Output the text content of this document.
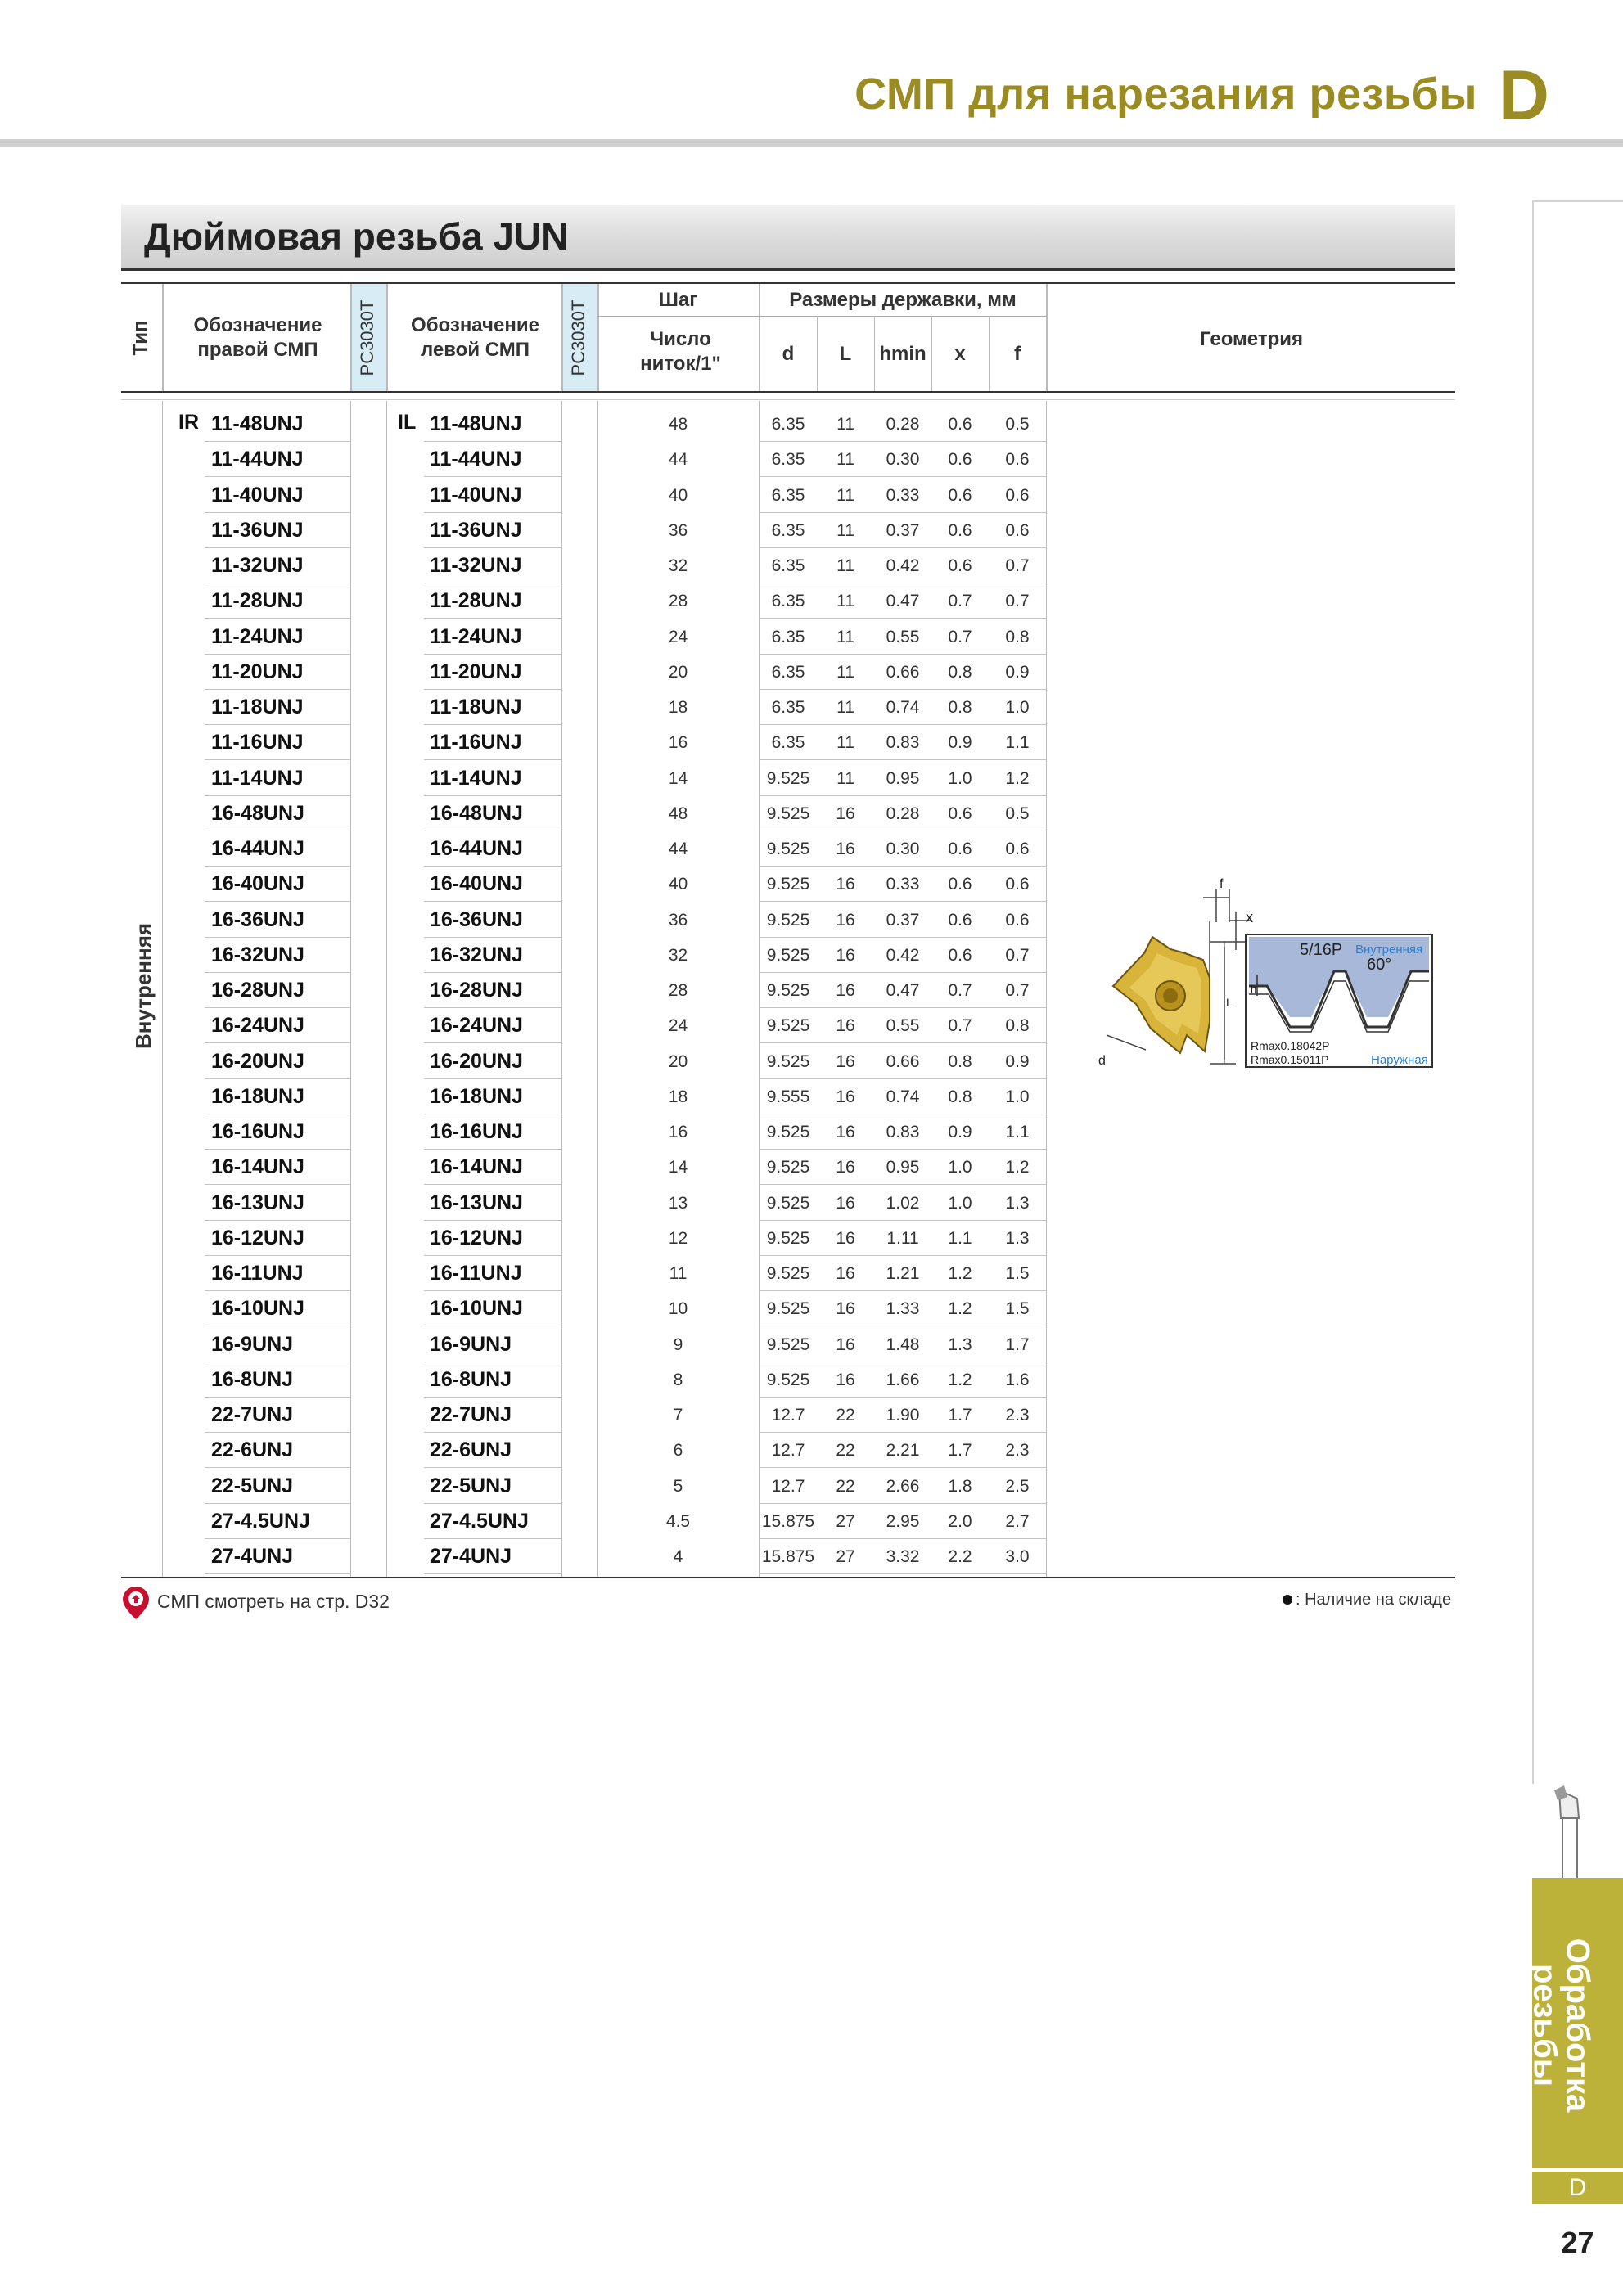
СМП для нарезания резьбы D
Дюймовая резьба JUN
Тип	Обозначение правой СМП	PC3030T	Обозначение левой СМП	PC3030T
Шаг
Число ниток/1"
Размеры державки, мм
d	L	hmin	x	f
Геометрия
Внутренняя
IR	IL
11-48UNJ	11-48UNJ	48	6.35	11	0.28	0.6	0.5
11-44UNJ	11-44UNJ	44	6.35	11	0.30	0.6	0.6
11-40UNJ	11-40UNJ	40	6.35	11	0.33	0.6	0.6
11-36UNJ	11-36UNJ	36	6.35	11	0.37	0.6	0.6
11-32UNJ	11-32UNJ	32	6.35	11	0.42	0.6	0.7
11-28UNJ	11-28UNJ	28	6.35	11	0.47	0.7	0.7
11-24UNJ	11-24UNJ	24	6.35	11	0.55	0.7	0.8
11-20UNJ	11-20UNJ	20	6.35	11	0.66	0.8	0.9
11-18UNJ	11-18UNJ	18	6.35	11	0.74	0.8	1.0
11-16UNJ	11-16UNJ	16	6.35	11	0.83	0.9	1.1
11-14UNJ	11-14UNJ	14	9.525	11	0.95	1.0	1.2
16-48UNJ	16-48UNJ	48	9.525	16	0.28	0.6	0.5
16-44UNJ	16-44UNJ	44	9.525	16	0.30	0.6	0.6
16-40UNJ	16-40UNJ	40	9.525	16	0.33	0.6	0.6
16-36UNJ	16-36UNJ	36	9.525	16	0.37	0.6	0.6
16-32UNJ	16-32UNJ	32	9.525	16	0.42	0.6	0.7
16-28UNJ	16-28UNJ	28	9.525	16	0.47	0.7	0.7
16-24UNJ	16-24UNJ	24	9.525	16	0.55	0.7	0.8
16-20UNJ	16-20UNJ	20	9.525	16	0.66	0.8	0.9
16-18UNJ	16-18UNJ	18	9.555	16	0.74	0.8	1.0
16-16UNJ	16-16UNJ	16	9.525	16	0.83	0.9	1.1
16-14UNJ	16-14UNJ	14	9.525	16	0.95	1.0	1.2
16-13UNJ	16-13UNJ	13	9.525	16	1.02	1.0	1.3
16-12UNJ	16-12UNJ	12	9.525	16	1.11	1.1	1.3
16-11UNJ	16-11UNJ	11	9.525	16	1.21	1.2	1.5
16-10UNJ	16-10UNJ	10	9.525	16	1.33	1.2	1.5
16-9UNJ	16-9UNJ	9	9.525	16	1.48	1.3	1.7
16-8UNJ	16-8UNJ	8	9.525	16	1.66	1.2	1.6
22-7UNJ	22-7UNJ	7	12.7	22	1.90	1.7	2.3
22-6UNJ	22-6UNJ	6	12.7	22	2.21	1.7	2.3
22-5UNJ	22-5UNJ	5	12.7	22	2.66	1.8	2.5
27-4.5UNJ	27-4.5UNJ	4.5	15.875	27	2.95	2.0	2.7
27-4UNJ	27-4UNJ	4	15.875	27	3.32	2.2	3.0
f
x
L
d
h
5/16P Внутренняя
60°
Rmax0.18042P
Rmax0.15011P	Наружная
СМП смотреть на стр. D32	: Наличие на складе
Обработка
резьбы
D
27
